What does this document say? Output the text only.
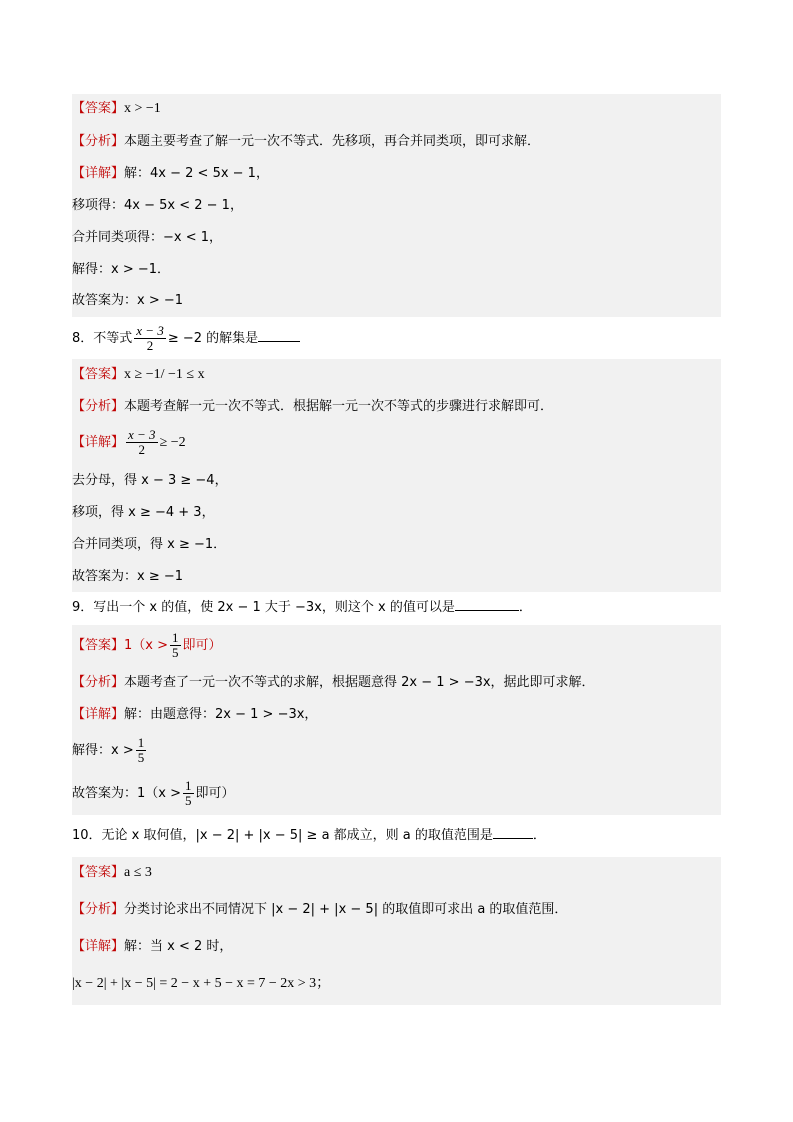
【答案】x > −1
【分析】本题主要考查了解一元一次不等式．先移项，再合并同类项，即可求解．
【详解】解：4x − 2 < 5x − 1，
移项得：4x − 5x < 2 − 1，
合并同类项得：−x < 1，
解得：x > −1．
故答案为：x > −1
8．不等式 $\frac{x - 3}{2} \ge -2$ 的解集是
【答案】x ≥ −1/ −1 ≤ x
【分析】本题考查解一元一次不等式．根据解一元一次不等式的步骤进行求解即可．
【详解】 $\frac{x - 3}{2} \ge -2$
去分母，得 x − 3 ≥ −4，
移项，得 x ≥ −4 + 3，
合并同类项，得 x ≥ −1．
故答案为：x ≥ −1
9．写出一个 x 的值，使 2x − 1 大于 −3x，则这个 x 的值可以是	．
【答案】$1(x > \frac{1}{5}$ 即可）
【分析】本题考查了一元一次不等式的求解，根据题意得 2x − 1 > −3x，据此即可求解．
【详解】解：由题意得：2x − 1 > −3x，
解得：$x > \frac{1}{5}$
故答案为：$1(x > \frac{1}{5}$ 即可）
10．无论 x 取何值，|x − 2| + |x − 5| ≥ a 都成立，则 a 的取值范围是	．
【答案】a ≤ 3
【分析】分类讨论求出不同情况下 |x − 2| + |x − 5| 的取值即可求出 a 的取值范围．
【详解】解：当 x < 2 时，
|x − 2| + |x − 5| = 2 − x + 5 − x = 7 − 2x > 3；
